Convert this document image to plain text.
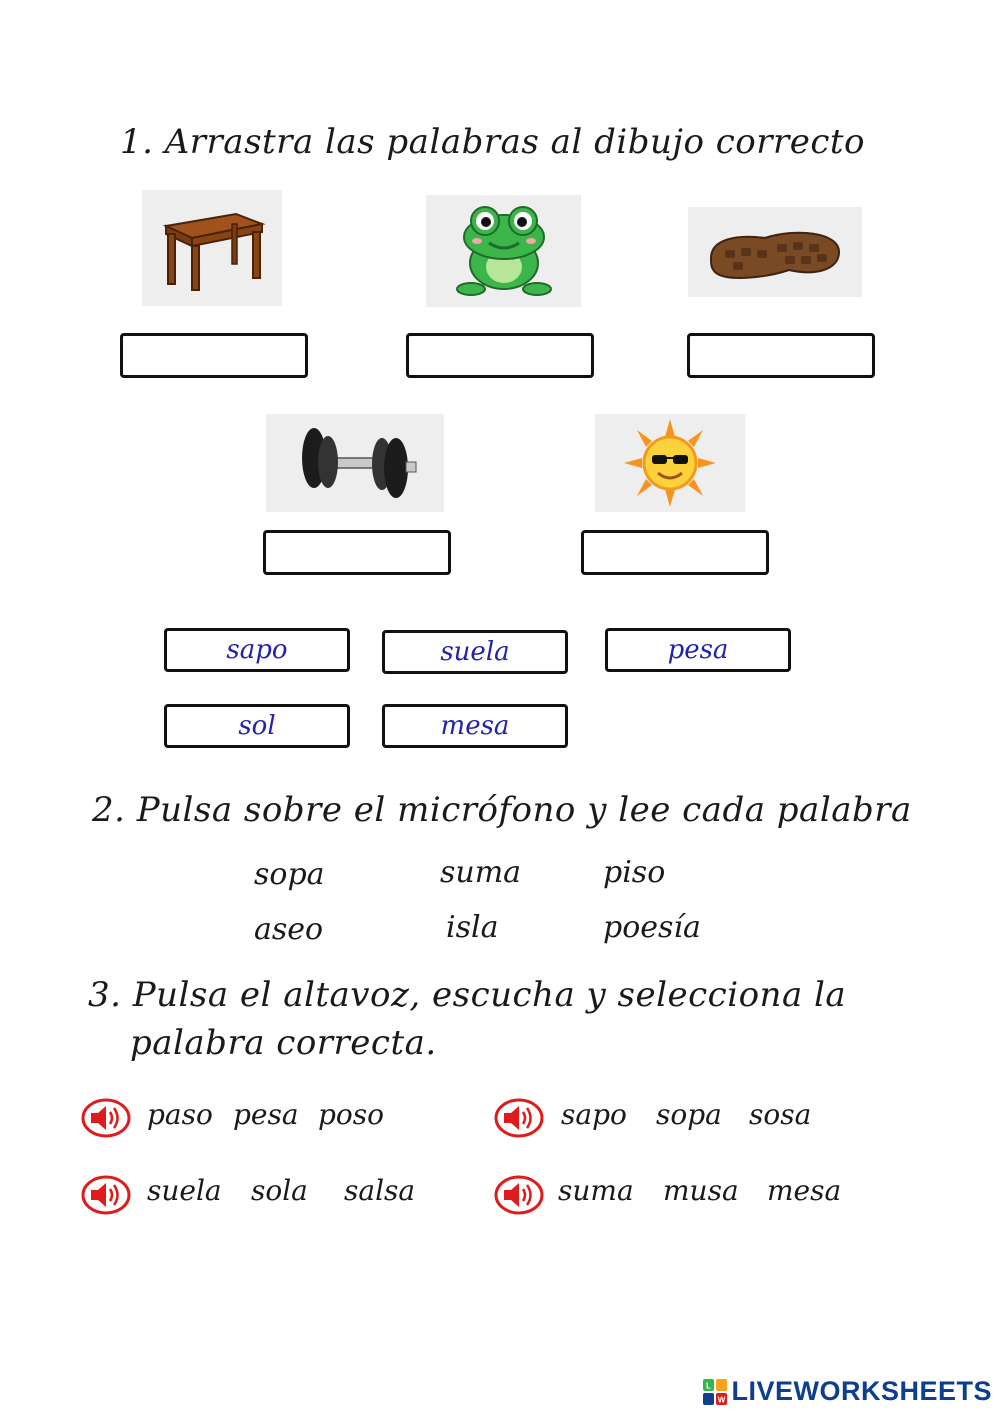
1. Arrastra las palabras al dibujo correcto
sapo	suela	pesa
sol	mesa
2. Pulsa sobre el micrófono y lee cada palabra
sopa	suma	piso
aseo	isla	poesía
3. Pulsa el altavoz, escucha y selecciona la
palabra correcta.
paso pesa poso	sapo sopa sosa
suela sola salsa	suma musa mesa
L
W LIVEWORKSHEETS
